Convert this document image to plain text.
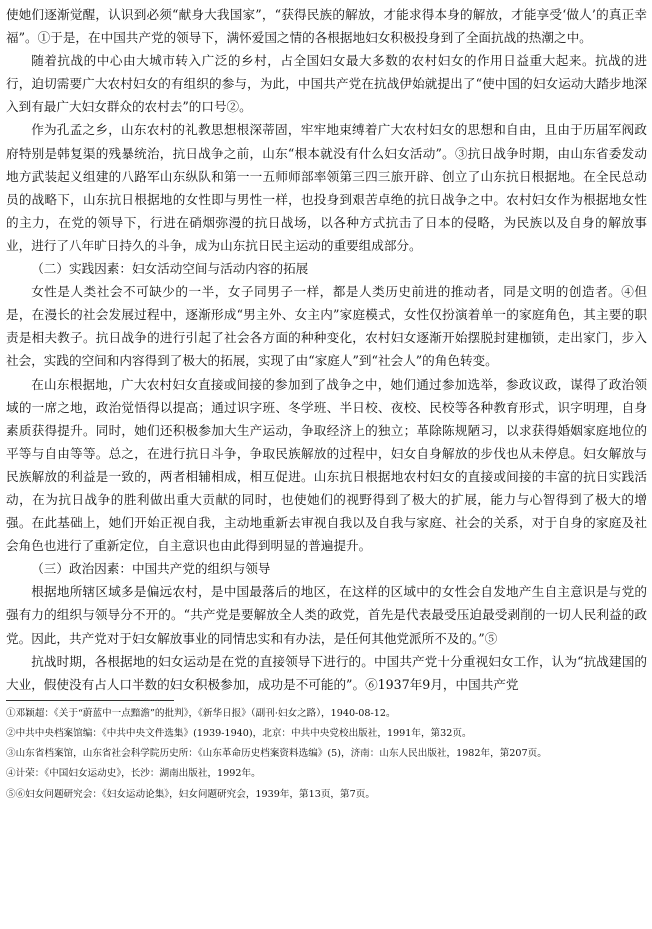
使她们逐渐觉醒，认识到必须“献身大我国家”，“获得民族的解放，才能求得本身的解放，才能享受‘做人’的真正幸福”。①于是，在中国共产党的领导下，满怀爱国之情的各根据地妇女积极投身到了全面抗战的热潮之中。

随着抗战的中心由大城市转入广泛的乡村，占全国妇女最大多数的农村妇女的作用日益重大起来。抗战的进行，迫切需要广大农村妇女的有组织的参与，为此，中国共产党在抗战伊始就提出了“使中国的妇女运动大踏步地深入到有最广大妇女群众的农村去”的口号②。

作为孔孟之乡，山东农村的礼教思想根深蒂固，牢牢地束缚着广大农村妇女的思想和自由，且由于历届军阀政府特别是韩复渠的残暴统治，抗日战争之前，山东“根本就没有什么妇女活动”。③抗日战争时期，由山东省委发动地方武装起义组建的八路军山东纵队和第一一五师师部率领第三四三旅开辟、创立了山东抗日根据地。在全民总动员的战略下，山东抗日根据地的女性即与男性一样，也投身到艰苦卓绝的抗日战争之中。农村妇女作为根据地女性的主力，在党的领导下，行进在硝烟弥漫的抗日战场，以各种方式抗击了日本的侵略，为民族以及自身的解放事业，进行了八年旷日持久的斗争，成为山东抗日民主运动的重要组成部分。

（二）实践因素：妇女活动空间与活动内容的拓展

女性是人类社会不可缺少的一半，女子同男子一样，都是人类历史前进的推动者，同是文明的创造者。④但是，在漫长的社会发展过程中，逐渐形成“男主外、女主内”家庭模式，女性仅扮演着单一的家庭角色，其主要的职责是相夫教子。抗日战争的进行引起了社会各方面的种种变化，农村妇女逐渐开始摆脱封建枷锁，走出家门，步入社会，实践的空间和内容得到了极大的拓展，实现了由“家庭人”到“社会人”的角色转变。

在山东根据地，广大农村妇女直接或间接的参加到了战争之中，她们通过参加选举，参政议政，谋得了政治领域的一席之地，政治觉悟得以提高；通过识字班、冬学班、半日校、夜校、民校等各种教育形式，识字明理，自身素质获得提升。同时，她们还积极参加大生产运动，争取经济上的独立；革除陈规陋习，以求获得婚姻家庭地位的平等与自由等等。总之，在进行抗日斗争，争取民族解放的过程中，妇女自身解放的步伐也从未停息。妇女解放与民族解放的利益是一致的，两者相辅相成，相互促进。山东抗日根据地农村妇女的直接或间接的丰富的抗日实践活动，在为抗日战争的胜利做出重大贡献的同时，也使她们的视野得到了极大的扩展，能力与心智得到了极大的增强。在此基础上，她们开始正视自我，主动地重新去审视自我以及自我与家庭、社会的关系，对于自身的家庭及社会角色也进行了重新定位，自主意识也由此得到明显的普遍提升。

（三）政治因素：中国共产党的组织与领导

根据地所辖区域多是偏远农村，是中国最落后的地区，在这样的区域中的女性会自发地产生自主意识是与党的强有力的组织与领导分不开的。“共产党是要解放全人类的政党，首先是代表最受压迫最受剥削的一切人民利益的政党。因此，共产党对于妇女解放事业的同情忠实和有办法，是任何其他党派所不及的。”⑤

抗战时期，各根据地的妇女运动是在党的直接领导下进行的。中国共产党十分重视妇女工作，认为“抗战建国的大业，假使没有占人口半数的妇女积极参加，成功是不可能的”。⑥1937年9月，中国共产党

①邓颖超：《关于“蔚蓝中一点黯澹”的批判》，《新华日报》（副刊·妇女之路），1940-08-12。

②中共中央档案馆编：《中共中央文件选集》(1939-1940)，北京：中共中央党校出版社，1991年，第32页。

③山东省档案馆，山东省社会科学院历史所：《山东革命历史档案资料选编》(5)，济南：山东人民出版社，1982年，第207页。

④计荣：《中国妇女运动史》，长沙：湖南出版社，1992年。

⑤⑥妇女问题研究会：《妇女运动论集》，妇女问题研究会，1939年，第13页，第7页。
